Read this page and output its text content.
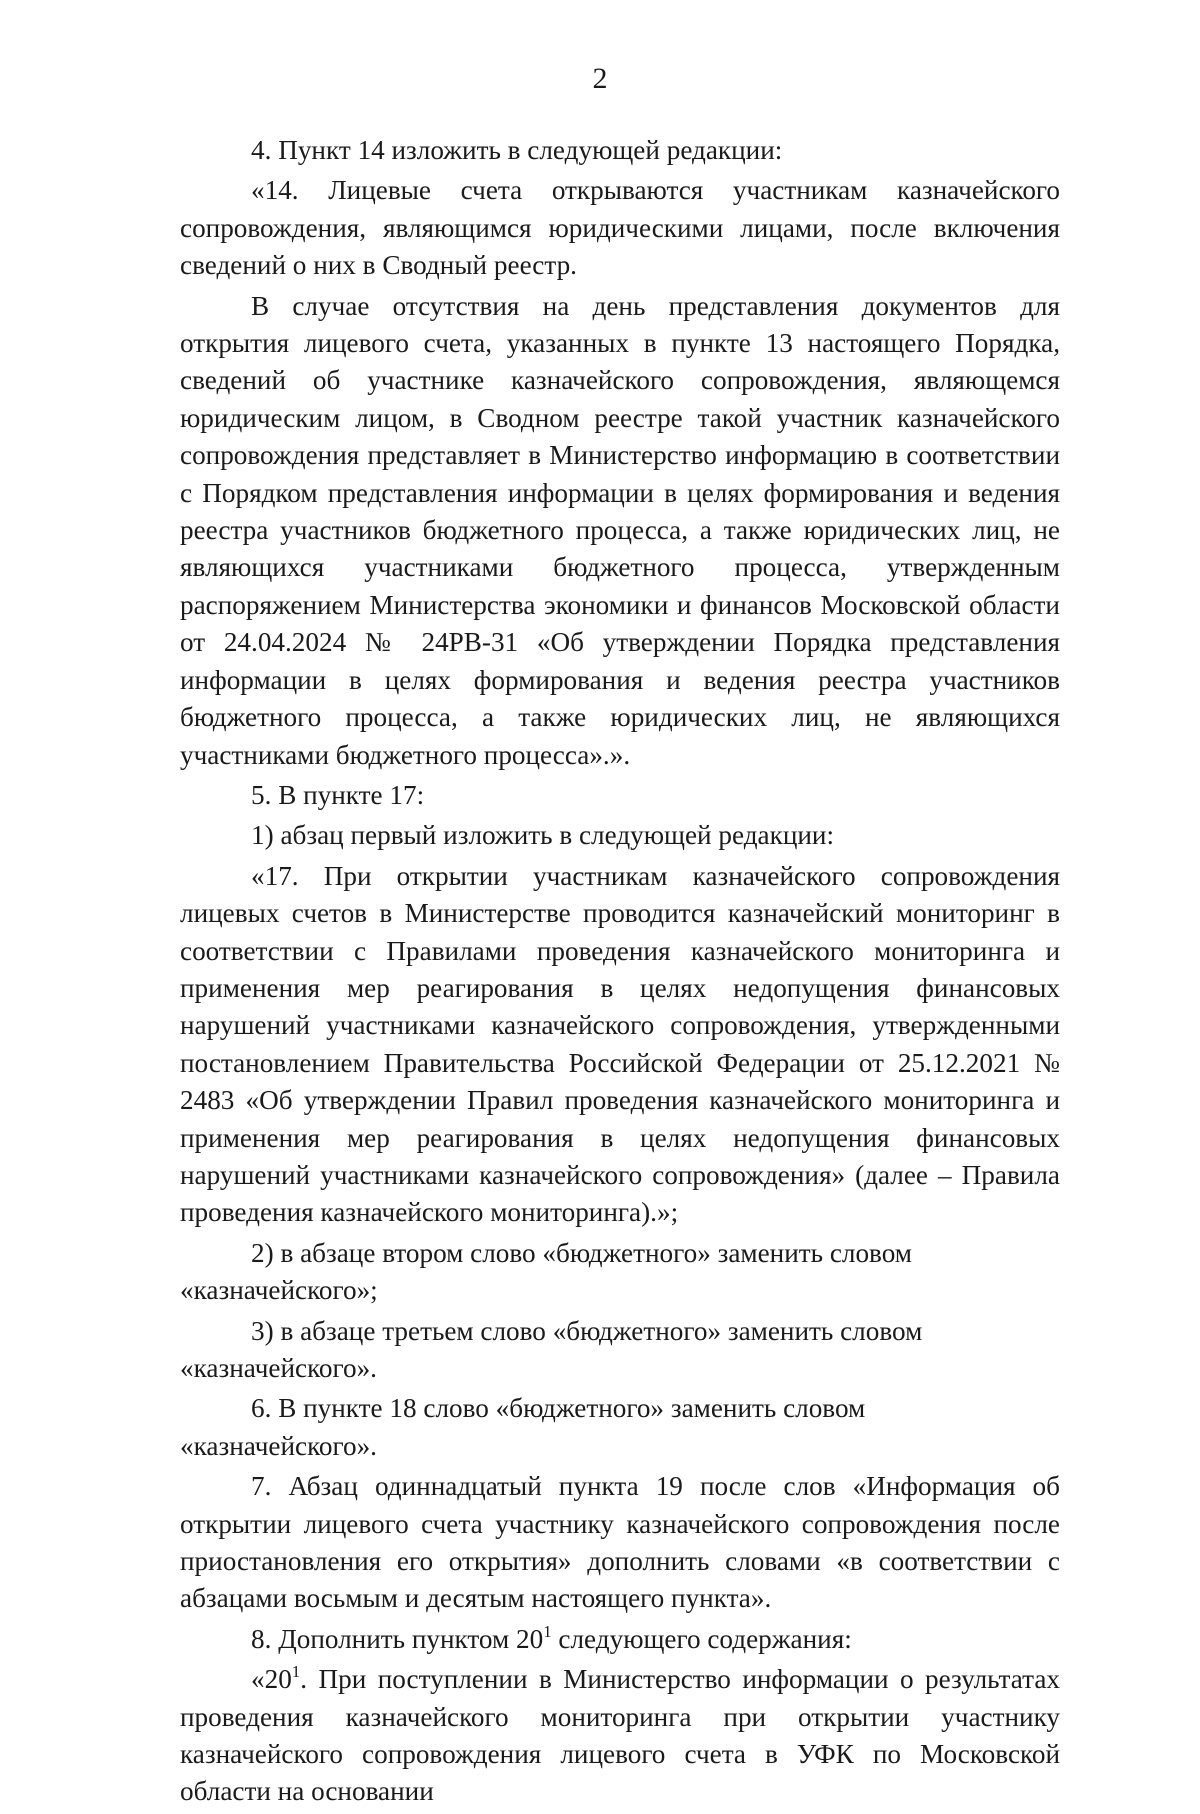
2

4. Пункт 14 изложить в следующей редакции:

«14. Лицевые счета открываются участникам казначейского сопровождения, являющимся юридическими лицами, после включения сведений о них в Сводный реестр.

В случае отсутствия на день представления документов для открытия лицевого счета, указанных в пункте 13 настоящего Порядка, сведений об участнике казначейского сопровождения, являющемся юридическим лицом, в Сводном реестре такой участник казначейского сопровождения представляет в Министерство информацию в соответствии с Порядком представления информации в целях формирования и ведения реестра участников бюджетного процесса, а также юридических лиц, не являющихся участниками бюджетного процесса, утвержденным распоряжением Министерства экономики и финансов Московской области от 24.04.2024 № 24РВ-31 «Об утверждении Порядка представления информации в целях формирования и ведения реестра участников бюджетного процесса, а также юридических лиц, не являющихся участниками бюджетного процесса».».

5. В пункте 17:

1) абзац первый изложить в следующей редакции:

«17. При открытии участникам казначейского сопровождения лицевых счетов в Министерстве проводится казначейский мониторинг в соответствии с Правилами проведения казначейского мониторинга и применения мер реагирования в целях недопущения финансовых нарушений участниками казначейского сопровождения, утвержденными постановлением Правительства Российской Федерации от 25.12.2021 № 2483 «Об утверждении Правил проведения казначейского мониторинга и применения мер реагирования в целях недопущения финансовых нарушений участниками казначейского сопровождения» (далее – Правила проведения казначейского мониторинга).»;

2) в абзаце втором слово «бюджетного» заменить словом «казначейского»;

3) в абзаце третьем слово «бюджетного» заменить словом «казначейского».

6. В пункте 18 слово «бюджетного» заменить словом «казначейского».

7. Абзац одиннадцатый пункта 19 после слов «Информация об открытии лицевого счета участнику казначейского сопровождения после приостановления его открытия» дополнить словами «в соответствии с абзацами восьмым и десятым настоящего пункта».

8. Дополнить пунктом $20^1$ следующего содержания:

«$20^1$. При поступлении в Министерство информации о результатах проведения казначейского мониторинга при открытии участнику казначейского сопровождения лицевого счета в УФК по Московской области на основании
